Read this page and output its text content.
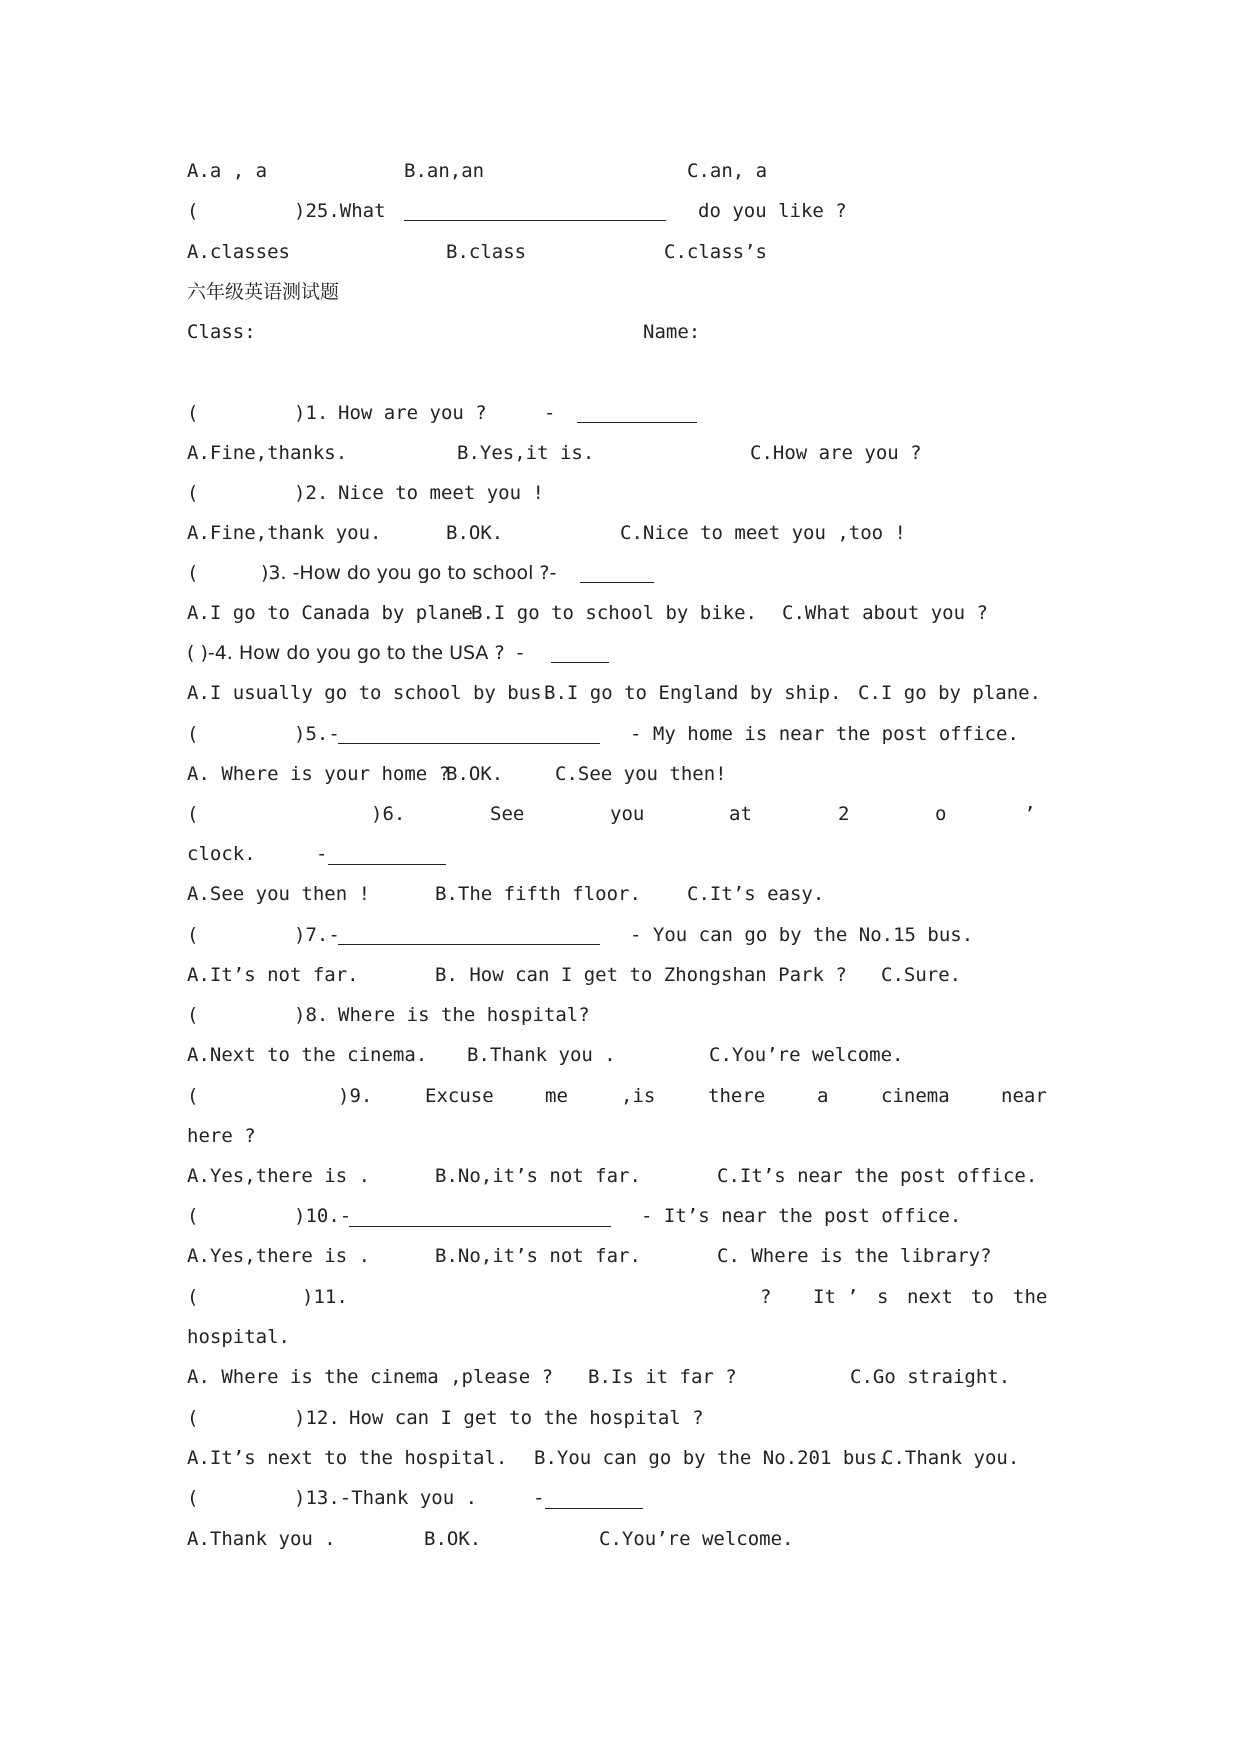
A.a , a	B.an,an	C.an, a
(	)25.What	do you like ?
A.classes	B.class	C.class’s
六年级英语测试题
Class:	Name:
(	)1. How are you ?	-
A.Fine,thanks.	B.Yes,it is.	C.How are you ?
(	)2. Nice to meet you !
A.Fine,thank you.	B.OK.	C.Nice to meet you ,too !
(	)3. -How do you go to school ?-
A.I go to Canada by plane.
B.I go to school by bike. C.What about you ?
( )-4. How do you go to the USA ?  -
A.I usually go to school by bus.
B.I go to England by ship. C.I go by plane.
(	)5.-	- My home is near the post office.
A. Where is your home ?
B.OK.	C.See you then!
(	)6.	See	you	at	2	o	’
clock.	-
A.See you then !	B.The fifth floor. C.It’s easy.
(	)7.-	- You can go by the No.15 bus.
A.It’s not far.	B. How can I get to Zhongshan Park ? C.Sure.
(	)8. Where is the hospital?
A.Next to the cinema. B.Thank you .	C.You’re welcome.
(	)9.	Excuse	me	,is	there	a	cinema	near
here ?
A.Yes,there is .	B.No,it’s not far.	C.It’s near the post office.
(	)10.-	- It’s near the post office.
A.Yes,there is .	B.No,it’s not far.	C. Where is the library?
(	)11.	? It ’ s next to the
hospital.
A. Where is the cinema ,please ? B.Is it far ?	C.Go straight.
(	)12. How can I get to the hospital ?
A.It’s next to the hospital. B.You can go by the No.201 bus.
C.Thank you.
(	)13.-Thank you .	-
A.Thank you .	B.OK.	C.You’re welcome.
